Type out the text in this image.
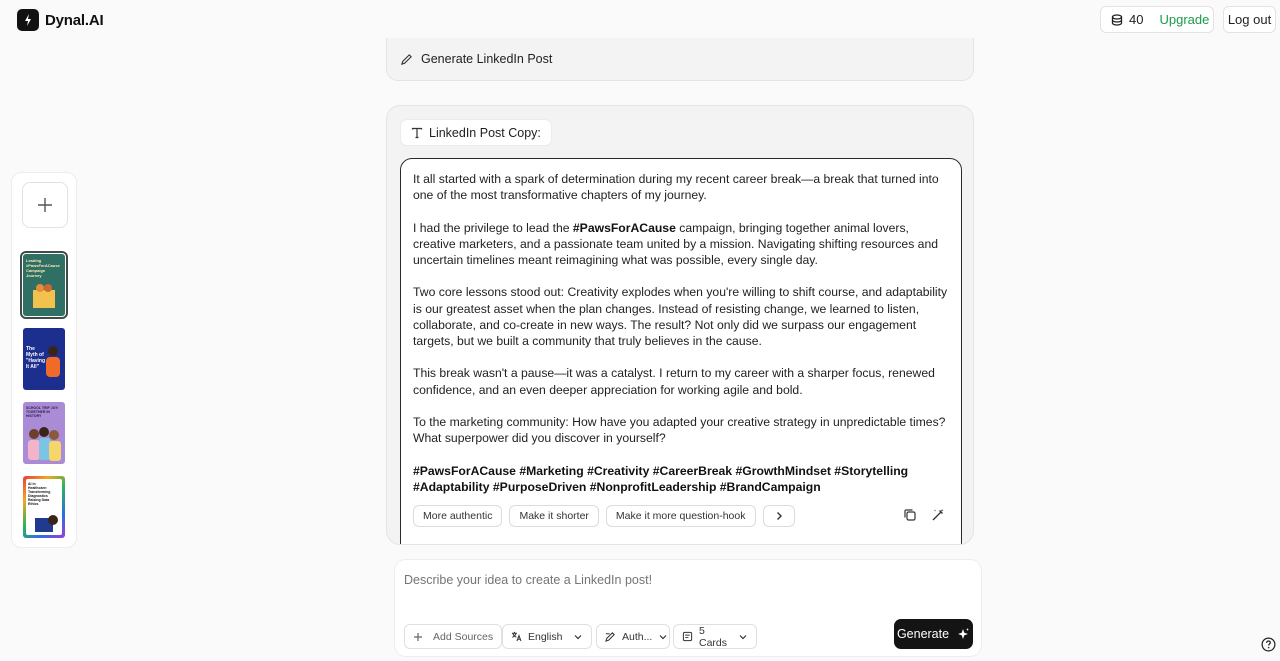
Dynal.AI	40 Upgrade	Log out
Leading #PawsForACause Campaign Journey
The Myth of "Having It All"
SCHOOL TRIP JOY: TOGETHER IN HISTORY
AI in Healthcare: Transforming Diagnostics Raising Data Ethics
Generate LinkedIn Post
LinkedIn Post Copy:

It all started with a spark of determination during my recent career break—a break that turned into one of the most transformative chapters of my journey.

I had the privilege to lead the #PawsForACause campaign, bringing together animal lovers, creative marketers, and a passionate team united by a mission. Navigating shifting resources and uncertain timelines meant reimagining what was possible, every single day.

Two core lessons stood out: Creativity explodes when you're willing to shift course, and adaptability is our greatest asset when the plan changes. Instead of resisting change, we learned to listen, collaborate, and co-create in new ways. The result? Not only did we surpass our engagement targets, but we built a community that truly believes in the cause.

This break wasn't a pause—it was a catalyst. I return to my career with a sharper focus, renewed confidence, and an even deeper appreciation for working agile and bold.

To the marketing community: How have you adapted your creative strategy in unpredictable times? What superpower did you discover in yourself?

#PawsForACause #Marketing #Creativity #CareerBreak #GrowthMindset #Storytelling #Adaptability #PurposeDriven #NonprofitLeadership #BrandCampaign

More authentic	Make it shorter	Make it more question-hook
Describe your idea to create a LinkedIn post!
Add Sources	English	Auth...	5 Cards
Generate
